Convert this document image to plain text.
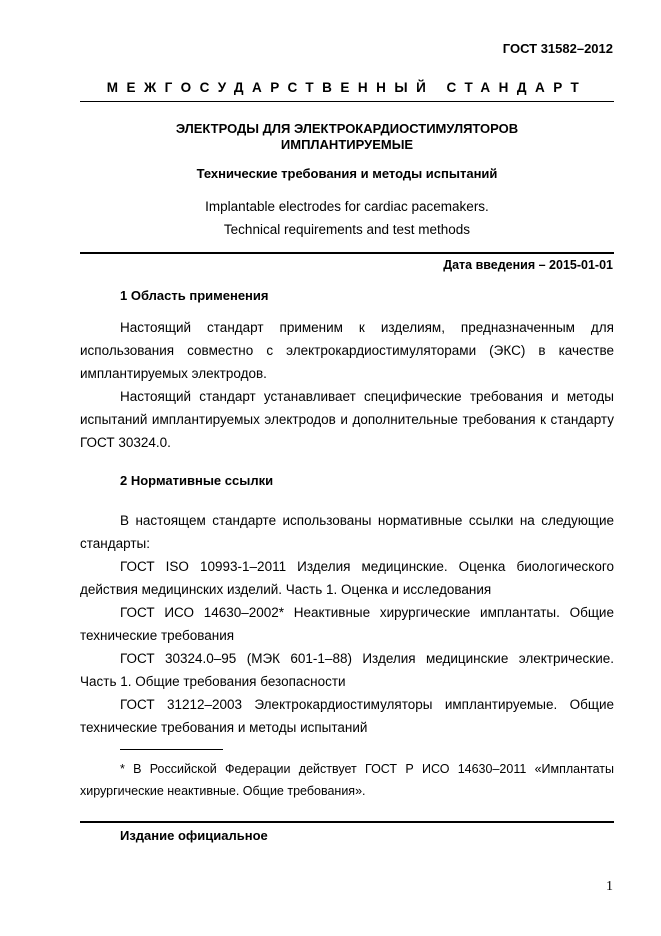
ГОСТ 31582–2012
МЕЖГОСУДАРСТВЕННЫЙ СТАНДАРТ
ЭЛЕКТРОДЫ ДЛЯ ЭЛЕКТРОКАРДИОСТИМУЛЯТОРОВ
ИМПЛАНТИРУЕМЫЕ
Технические требования и методы испытаний
Implantable electrodes for cardiac pacemakers.
Technical requirements and test methods
Дата введения – 2015-01-01
1 Область применения

Настоящий стандарт применим к изделиям, предназначенным для использования совместно с электрокардиостимуляторами (ЭКС) в качестве имплантируемых электродов.

Настоящий стандарт устанавливает специфические требования и методы испытаний имплантируемых электродов и дополнительные требования к стандарту ГОСТ 30324.0.

2 Нормативные ссылки

В настоящем стандарте использованы нормативные ссылки на следующие стандарты:

ГОСТ ISO 10993-1–2011 Изделия медицинские. Оценка биологического действия медицинских изделий. Часть 1. Оценка и исследования

ГОСТ ИСО 14630–2002* Неактивные хирургические имплантаты. Общие технические требования

ГОСТ 30324.0–95 (МЭК 601-1–88) Изделия медицинские электрические. Часть 1. Общие требования безопасности

ГОСТ 31212–2003 Электрокардиостимуляторы имплантируемые. Общие технические требования и методы испытаний

* В Российской Федерации действует ГОСТ Р ИСО 14630–2011 «Имплантаты хирургические неактивные. Общие требования».

Издание официальное
1
